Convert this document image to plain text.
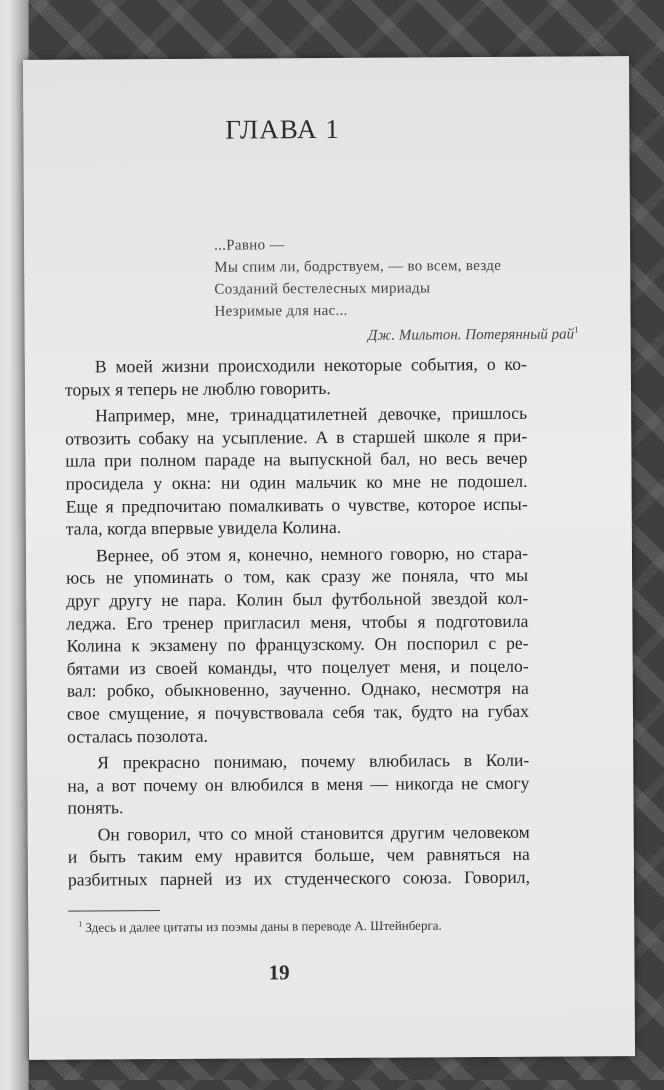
ГЛАВА 1
...Равно —
Мы спим ли, бодрствуем, — во всем, везде
Созданий бестелесных мириады
Незримые для нас...
Дж. Мильтон. Потерянный рай$^1$

В моей жизни происходили некоторые события, о ко-
торых я теперь не люблю говорить.

Например, мне, тринадцатилетней девочке, пришлось
отвозить собаку на усыпление. А в старшей школе я при-
шла при полном параде на выпускной бал, но весь вечер
просидела у окна: ни один мальчик ко мне не подошел.
Еще я предпочитаю помалкивать о чувстве, которое испы-
тала, когда впервые увидела Колина.

Вернее, об этом я, конечно, немного говорю, но стара-
юсь не упоминать о том, как сразу же поняла, что мы
друг другу не пара. Колин был футбольной звездой кол-
леджа. Его тренер пригласил меня, чтобы я подготовила
Колина к экзамену по французскому. Он поспорил с ре-
бятами из своей команды, что поцелует меня, и поцело-
вал: робко, обыкновенно, заученно. Однако, несмотря на
свое смущение, я почувствовала себя так, будто на губах
осталась позолота.

Я прекрасно понимаю, почему влюбилась в Коли-
на, а вот почему он влюбился в меня — никогда не смогу
понять.

Он говорил, что со мной становится другим человеком
и быть таким ему нравится больше, чем равняться на
разбитных парней из их студенческого союза. Говорил,

$^1$ Здесь и далее цитаты из поэмы даны в переводе А. Штейнберга.
19
